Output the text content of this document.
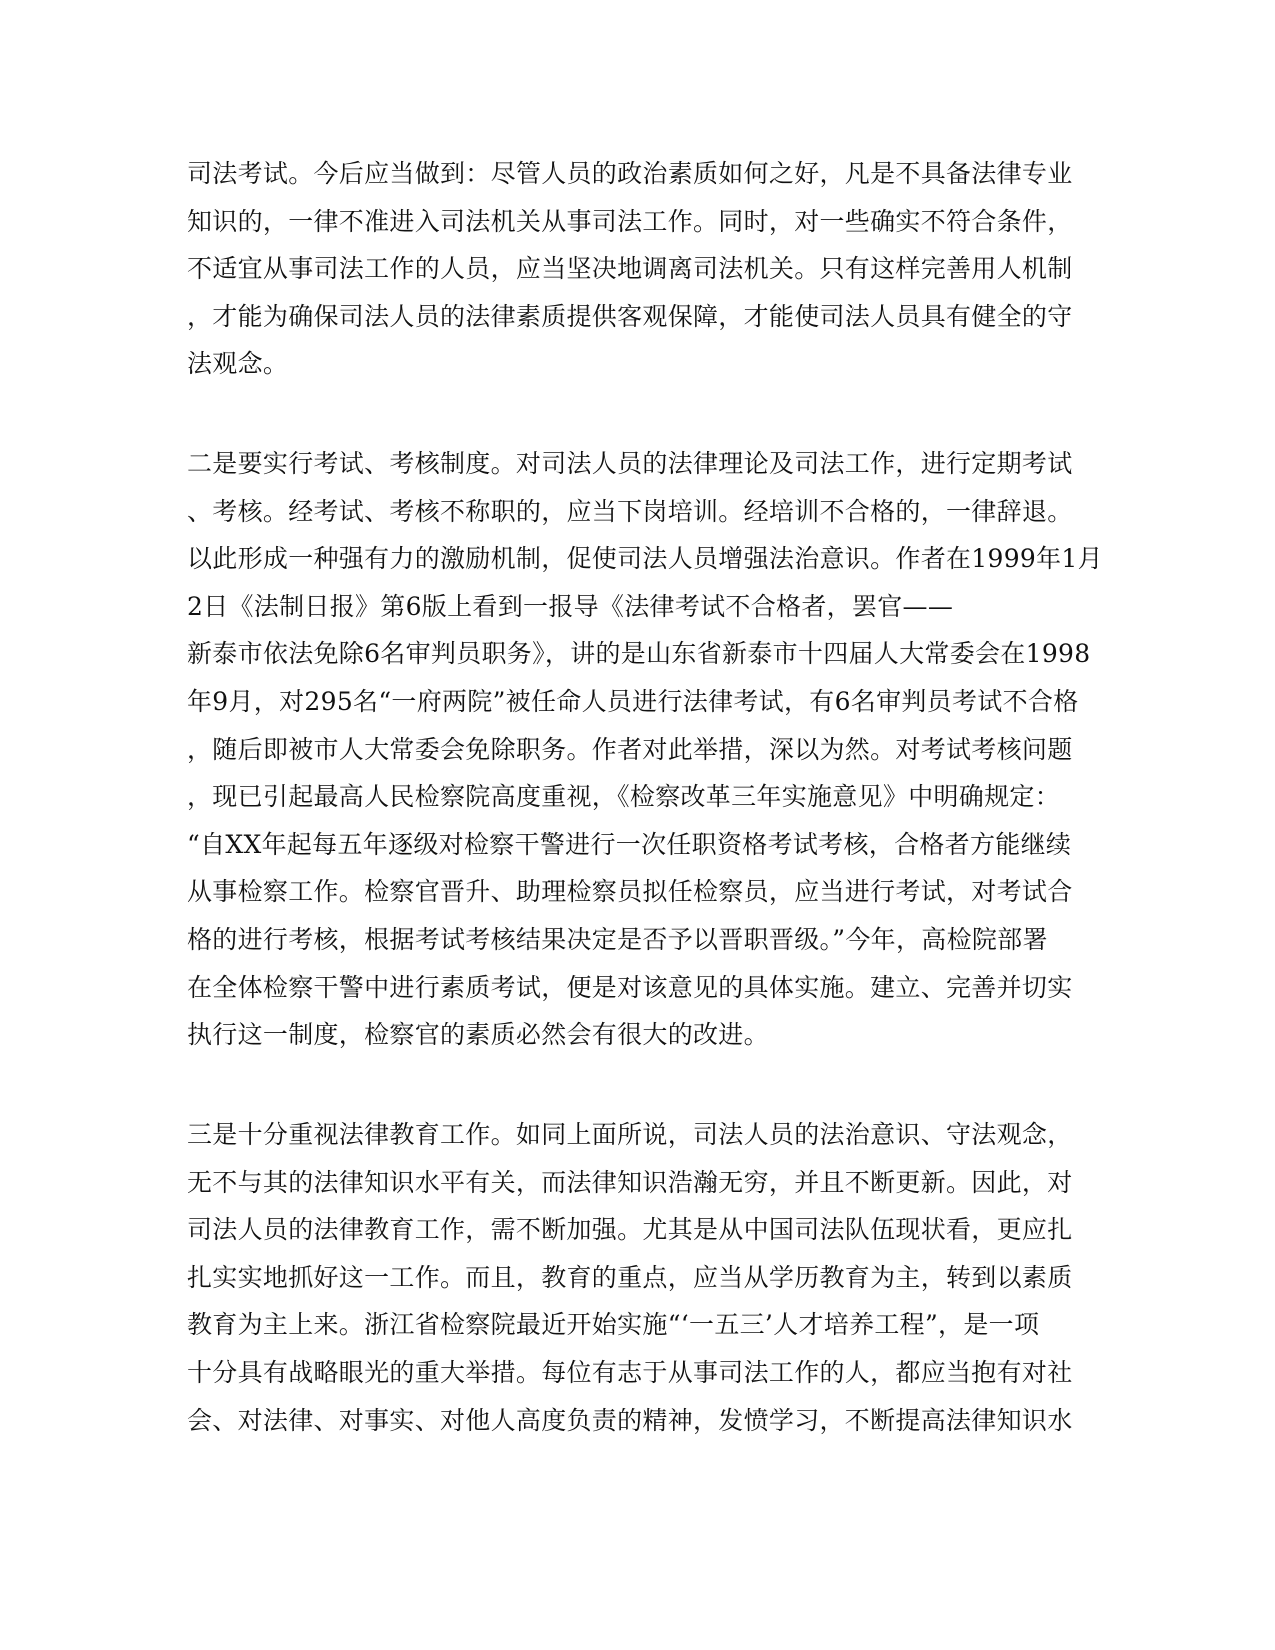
司法考试。今后应当做到：尽管人员的政治素质如何之好，凡是不具备法律专业
知识的，一律不准进入司法机关从事司法工作。同时，对一些确实不符合条件，
不适宜从事司法工作的人员，应当坚决地调离司法机关。只有这样完善用人机制
，才能为确保司法人员的法律素质提供客观保障，才能使司法人员具有健全的守
法观念。
二是要实行考试、考核制度。对司法人员的法律理论及司法工作，进行定期考试
、考核。经考试、考核不称职的，应当下岗培训。经培训不合格的，一律辞退。
以此形成一种强有力的激励机制，促使司法人员增强法治意识。作者在1999年1月
2日《法制日报》第6版上看到一报导《法律考试不合格者，罢官——
新泰市依法免除6名审判员职务》，讲的是山东省新泰市十四届人大常委会在1998
年9月，对295名“一府两院”被任命人员进行法律考试，有6名审判员考试不合格
，随后即被市人大常委会免除职务。作者对此举措，深以为然。对考试考核问题
，现已引起最高人民检察院高度重视，《检察改革三年实施意见》中明确规定：
“自XX年起每五年逐级对检察干警进行一次任职资格考试考核，合格者方能继续
从事检察工作。检察官晋升、助理检察员拟任检察员，应当进行考试，对考试合
格的进行考核，根据考试考核结果决定是否予以晋职晋级。”今年，高检院部署
在全体检察干警中进行素质考试，便是对该意见的具体实施。建立、完善并切实
执行这一制度，检察官的素质必然会有很大的改进。
三是十分重视法律教育工作。如同上面所说，司法人员的法治意识、守法观念，
无不与其的法律知识水平有关，而法律知识浩瀚无穷，并且不断更新。因此，对
司法人员的法律教育工作，需不断加强。尤其是从中国司法队伍现状看，更应扎
扎实实地抓好这一工作。而且，教育的重点，应当从学历教育为主，转到以素质
教育为主上来。浙江省检察院最近开始实施“‘一五三’人才培养工程”，是一项
十分具有战略眼光的重大举措。每位有志于从事司法工作的人，都应当抱有对社
会、对法律、对事实、对他人高度负责的精神，发愤学习，不断提高法律知识水
